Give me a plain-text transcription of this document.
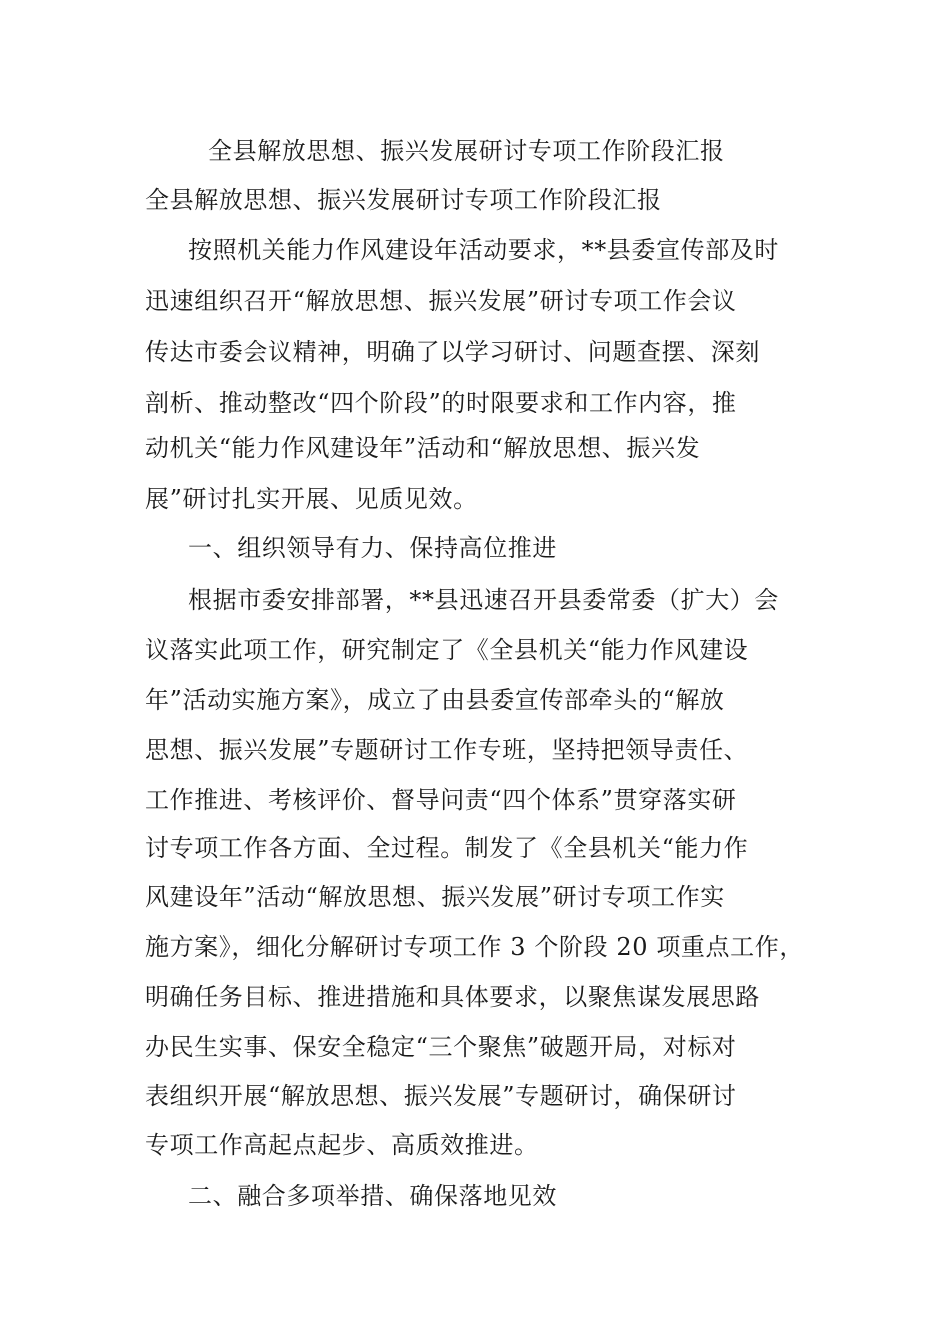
全县解放思想、振兴发展研讨专项工作阶段汇报
全县解放思想、振兴发展研讨专项工作阶段汇报
按照机关能力作风建设年活动要求，**县委宣传部及时
迅速组织召开“解放思想、振兴发展”研讨专项工作会议
传达市委会议精神，明确了以学习研讨、问题查摆、深刻
剖析、推动整改“四个阶段”的时限要求和工作内容，推
动机关“能力作风建设年”活动和“解放思想、振兴发
展”研讨扎实开展、见质见效。
一、组织领导有力、保持高位推进
根据市委安排部署，**县迅速召开县委常委（扩大）会
议落实此项工作，研究制定了《全县机关“能力作风建设
年”活动实施方案》，成立了由县委宣传部牵头的“解放
思想、振兴发展”专题研讨工作专班，坚持把领导责任、
工作推进、考核评价、督导问责“四个体系”贯穿落实研
讨专项工作各方面、全过程。制发了《全县机关“能力作
风建设年”活动“解放思想、振兴发展”研讨专项工作实
施方案》，细化分解研讨专项工作 3 个阶段 20 项重点工作，
明确任务目标、推进措施和具体要求，以聚焦谋发展思路
办民生实事、保安全稳定“三个聚焦”破题开局，对标对
表组织开展“解放思想、振兴发展”专题研讨，确保研讨
专项工作高起点起步、高质效推进。
二、融合多项举措、确保落地见效
